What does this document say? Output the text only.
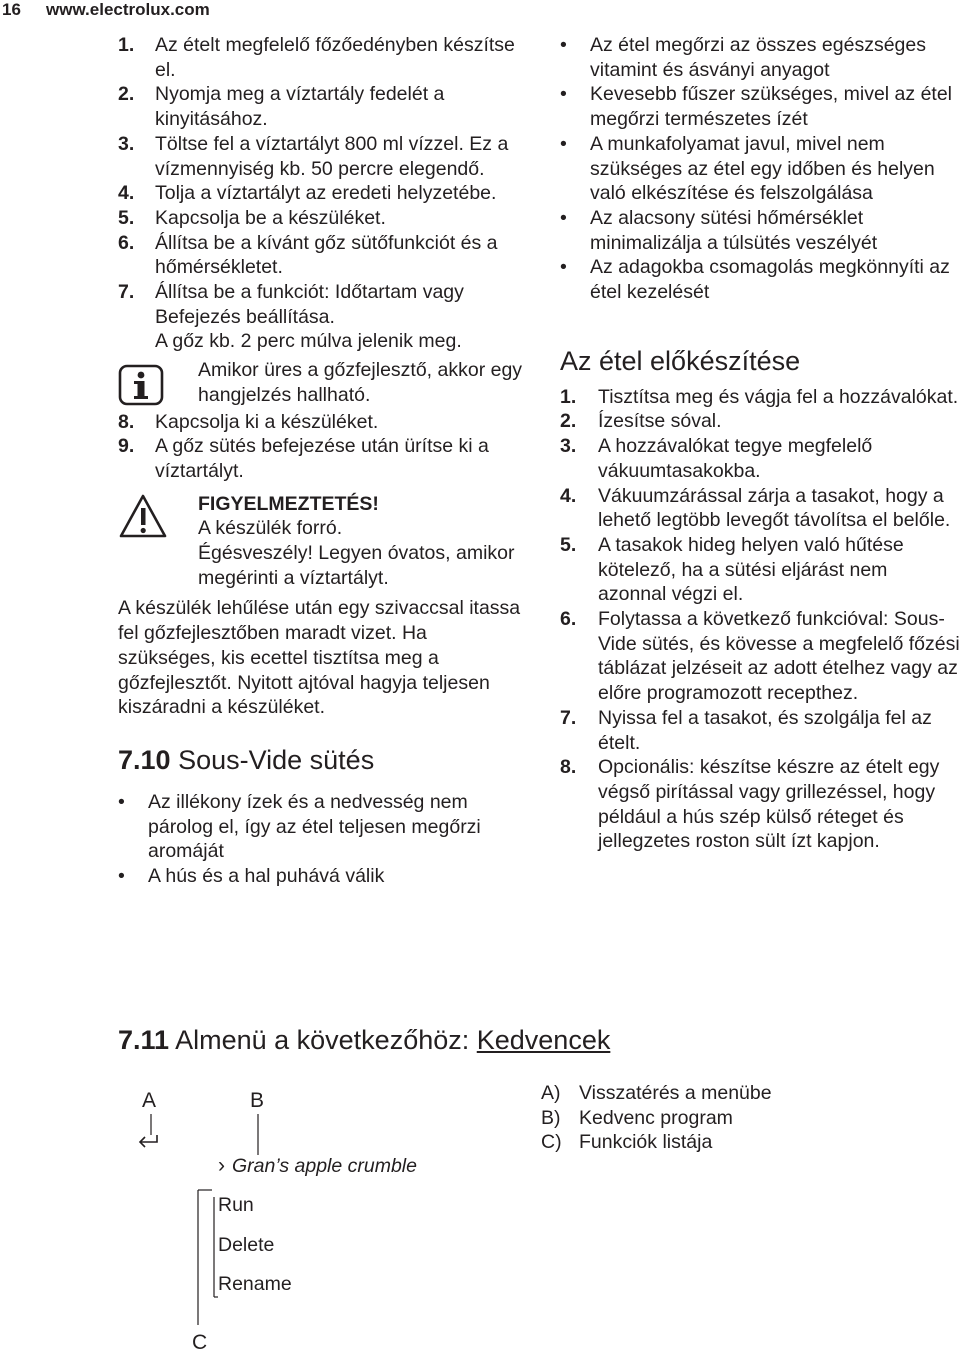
16 www.electrolux.com
1. Az ételt megfelelő főzőedényben készítse el.
2. Nyomja meg a víztartály fedelét a kinyitásához.
3. Töltse fel a víztartályt 800 ml vízzel. Ez a vízmennyiség kb. 50 percre elegendő.
4. Tolja a víztartályt az eredeti helyzetébe.
5. Kapcsolja be a készüléket.
6. Állítsa be a kívánt gőz sütőfunkciót és a hőmérsékletet.
7. Állítsa be a funkciót: Időtartam vagy Befejezés beállítása.
A gőz kb. 2 perc múlva jelenik meg.
Amikor üres a gőzfejlesztő, akkor egy hangjelzés hallható.
8. Kapcsolja ki a készüléket.
9. A gőz sütés befejezése után ürítse ki a víztartályt.
FIGYELMEZTETÉS!
A készülék forró.
Égésveszély! Legyen óvatos, amikor megérinti a víztartályt.

A készülék lehűlése után egy szivaccsal itassa fel gőzfejlesztőben maradt vizet. Ha szükséges, kis ecettel tisztítsa meg a gőzfejlesztőt. Nyitott ajtóval hagyja teljesen kiszáradni a készüléket.

7.10 Sous-Vide sütés
• Az illékony ízek és a nedvesség nem párolog el, így az étel teljesen megőrzi aromáját
• A hús és a hal puhává válik
• Az étel megőrzi az összes egészséges vitamint és ásványi anyagot
• Kevesebb fűszer szükséges, mivel az étel megőrzi természetes ízét
• A munkafolyamat javul, mivel nem szükséges az étel egy időben és helyen való elkészítése és felszolgálása
• Az alacsony sütési hőmérséklet minimalizálja a túlsütés veszélyét
• Az adagokba csomagolás megkönnyíti az étel kezelését
Az étel előkészítése
1. Tisztítsa meg és vágja fel a hozzávalókat.
2. Ízesítse sóval.
3. A hozzávalókat tegye megfelelő vákuumtasakokba.
4. Vákuumzárással zárja a tasakot, hogy a lehető legtöbb levegőt távolítsa el belőle.
5. A tasakok hideg helyen való hűtése kötelező, ha a sütési eljárást nem azonnal végzi el.
6. Folytassa a következő funkcióval: Sous-Vide sütés, és kövesse a megfelelő főzési táblázat jelzéseit az adott ételhez vagy az előre programozott recepthez.
7. Nyissa fel a tasakot, és szolgálja fel az ételt.
8. Opcionális: készítse készre az ételt egy végső pirítással vagy grillezéssel, hogy például a hús szép külső réteget és jellegzetes roston sült ízt kapjon.
7.11 Almenü a következőhöz: Kedvencek
A	B
C
› Gran’s apple crumble
Run
Delete
Rename
A) Visszatérés a menübe
B) Kedvenc program
C) Funkciók listája
